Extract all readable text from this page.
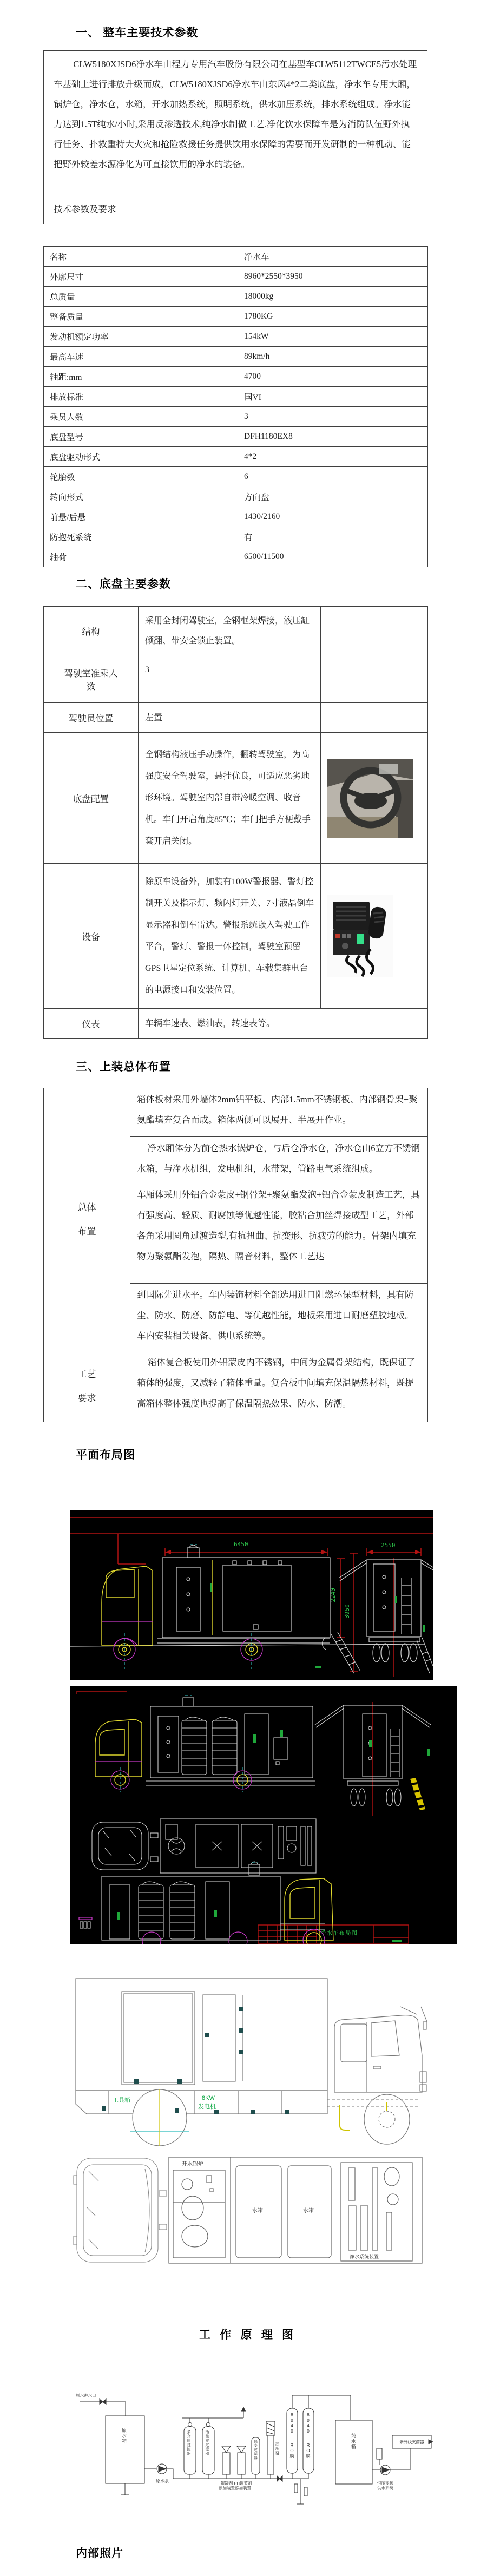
一、 整车主要技术参数
CLW5180XJSD6净水车由程力专用汽车股份有限公司在基型车CLW5112TWCE5污水处理车基础上进行排放升级而成，CLW5180XJSD6净水车由东风4*2二类底盘，净水车专用大厢，锅炉仓，净水仓，水箱，开水加热系统，照明系统，供水加压系统，排水系统组成。净水能力达到1.5T纯水/小时,采用反渗透技术,纯净水制做工艺.净化饮水保障车是为消防队伍野外执行任务、扑救重特大火灾和抢险救援任务提供饮用水保障的需要而开发研制的一种机动、能把野外较差水源净化为可直接饮用的净水的装备。

技术参数及要求
名称	净水车
外廓尺寸	8960*2550*3950
总质量	18000kg
整备质量	1780KG
发动机额定功率	154kW
最高车速	89km/h
轴距:mm	4700
排放标准	国VI
乘员人数	3
底盘型号	DFH1180EX8
底盘驱动形式	4*2
轮胎数	6
转向形式	方向盘
前悬/后悬	1430/2160
防抱死系统	有
轴荷	6500/11500
二、底盘主要参数
结构	采用全封闭驾驶室，全钢框架焊接，液压缸倾翻、带安全锁止装置。	
驾驶室准乘人数	3	
驾驶员位置	左置	
底盘配置	全钢结构液压手动操作，翻转驾驶室，为高强度安全驾驶室，悬挂优良，可适应恶劣地形环境。驾驶室内部自带冷暖空调、收音机。车门开启角度85℃；车门把手方便戴手套开启关闭。	

设备	除原车设备外，加装有100W警报器、警灯控制开关及指示灯、频闪灯开关、7寸液晶倒车显示器和倒车雷达。警报系统嵌入驾驶工作平台，警灯、警报一体控制，驾驶室预留GPS卫星定位系统、计算机、车载集群电台的电源接口和安装位置。	

仪表	车辆车速表、燃油表，转速表等。	
三、上装总体布置
总体
布置	箱体板材采用外墙体2mm铝平板、内部1.5mm不锈钢板、内部钢骨架+聚氨酯填充复合而成。箱体两侧可以展开、半展开作业。

	净水厢体分为前仓热水锅炉仓，与后仓净水仓，净水仓由6立方不锈钢水箱，与净水机组，发电机组，水带架，管路电气系统组成。

车厢体采用外铝合金蒙皮+钢骨架+聚氨酯发泡+铝合金蒙皮制造工艺，具有强度高、轻质、耐腐蚀等优越性能，胶粘合加丝焊接成型工艺，外部各角采用圆角过渡造型,有抗扭曲、抗变形、抗疲劳的能力。骨架内填充物为聚氨酯发泡，隔热、隔音材料，整体工艺达

	到国际先进水平。车内装饰材料全部选用进口阻燃环保型材料，具有防尘、防水、防磨、防静电、等优越性能，地板采用进口耐磨塑胶地板。车内安装相关设备、供电系统等。

工艺
要求	箱体复合板使用外铝蒙皮内不锈钢，中间为金属骨架结构，既保证了箱体的强度，又减轻了箱体重量。复合板中间填充保温隔热材料，既提高箱体整体强度也提高了保温隔热效果、防水、防潮。

平面布局图
6450
2240
3950
2550
净水车布局图
工具箱	8KW
发电机
开水锅炉
水箱	水箱
净水系统装置
工 作 原 理 图
原水进水口
原水箱
原水泵
多介质过滤器	活性炭过滤器
絮凝剂
添加装置
PH调节剂
添加装置
保安过滤器	高压泵
8040
RO膜
8040
RO膜
纯水箱	紫外线灭菌器
恒压变频
供水系统
内部照片
